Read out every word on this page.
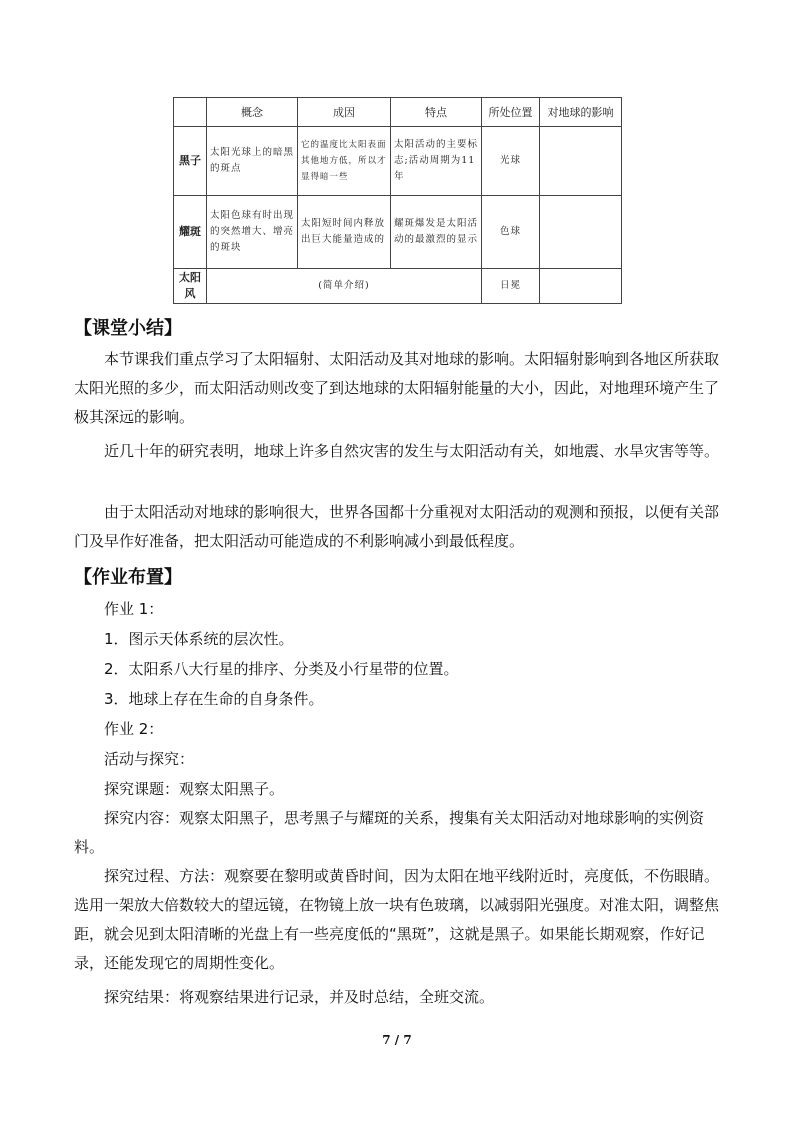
	概念	成因	特点	所处位置	对地球的影响
黑子	太阳光球上的暗黑的斑点	它的温度比太阳表面其他地方低，所以才显得暗一些	太阳活动的主要标志;活动周期为11年	光球	
耀斑	太阳色球有时出现的突然增大、增亮的斑块	太阳短时间内释放出巨大能量造成的	耀斑爆发是太阳活动的最激烈的显示	色球	
太阳风	(简单介绍)			日冕	
【课堂小结】

本节课我们重点学习了太阳辐射、太阳活动及其对地球的影响。太阳辐射影响到各地区所获取太阳光照的多少，而太阳活动则改变了到达地球的太阳辐射能量的大小，因此，对地理环境产生了极其深远的影响。

近几十年的研究表明，地球上许多自然灾害的发生与太阳活动有关，如地震、水旱灾害等等。

由于太阳活动对地球的影响很大，世界各国都十分重视对太阳活动的观测和预报，以便有关部门及早作好准备，把太阳活动可能造成的不利影响减小到最低程度。

【作业布置】

作业 1：

1．图示天体系统的层次性。

2．太阳系八大行星的排序、分类及小行星带的位置。

3．地球上存在生命的自身条件。

作业 2：

活动与探究：

探究课题：观察太阳黑子。

探究内容：观察太阳黑子，思考黑子与耀斑的关系，搜集有关太阳活动对地球影响的实例资料。

探究过程、方法：观察要在黎明或黄昏时间，因为太阳在地平线附近时，亮度低，不伤眼睛。选用一架放大倍数较大的望远镜，在物镜上放一块有色玻璃，以减弱阳光强度。对准太阳，调整焦距，就会见到太阳清晰的光盘上有一些亮度低的“黑斑”，这就是黑子。如果能长期观察，作好记录，还能发现它的周期性变化。

探究结果：将观察结果进行记录，并及时总结，全班交流。

7 / 7
